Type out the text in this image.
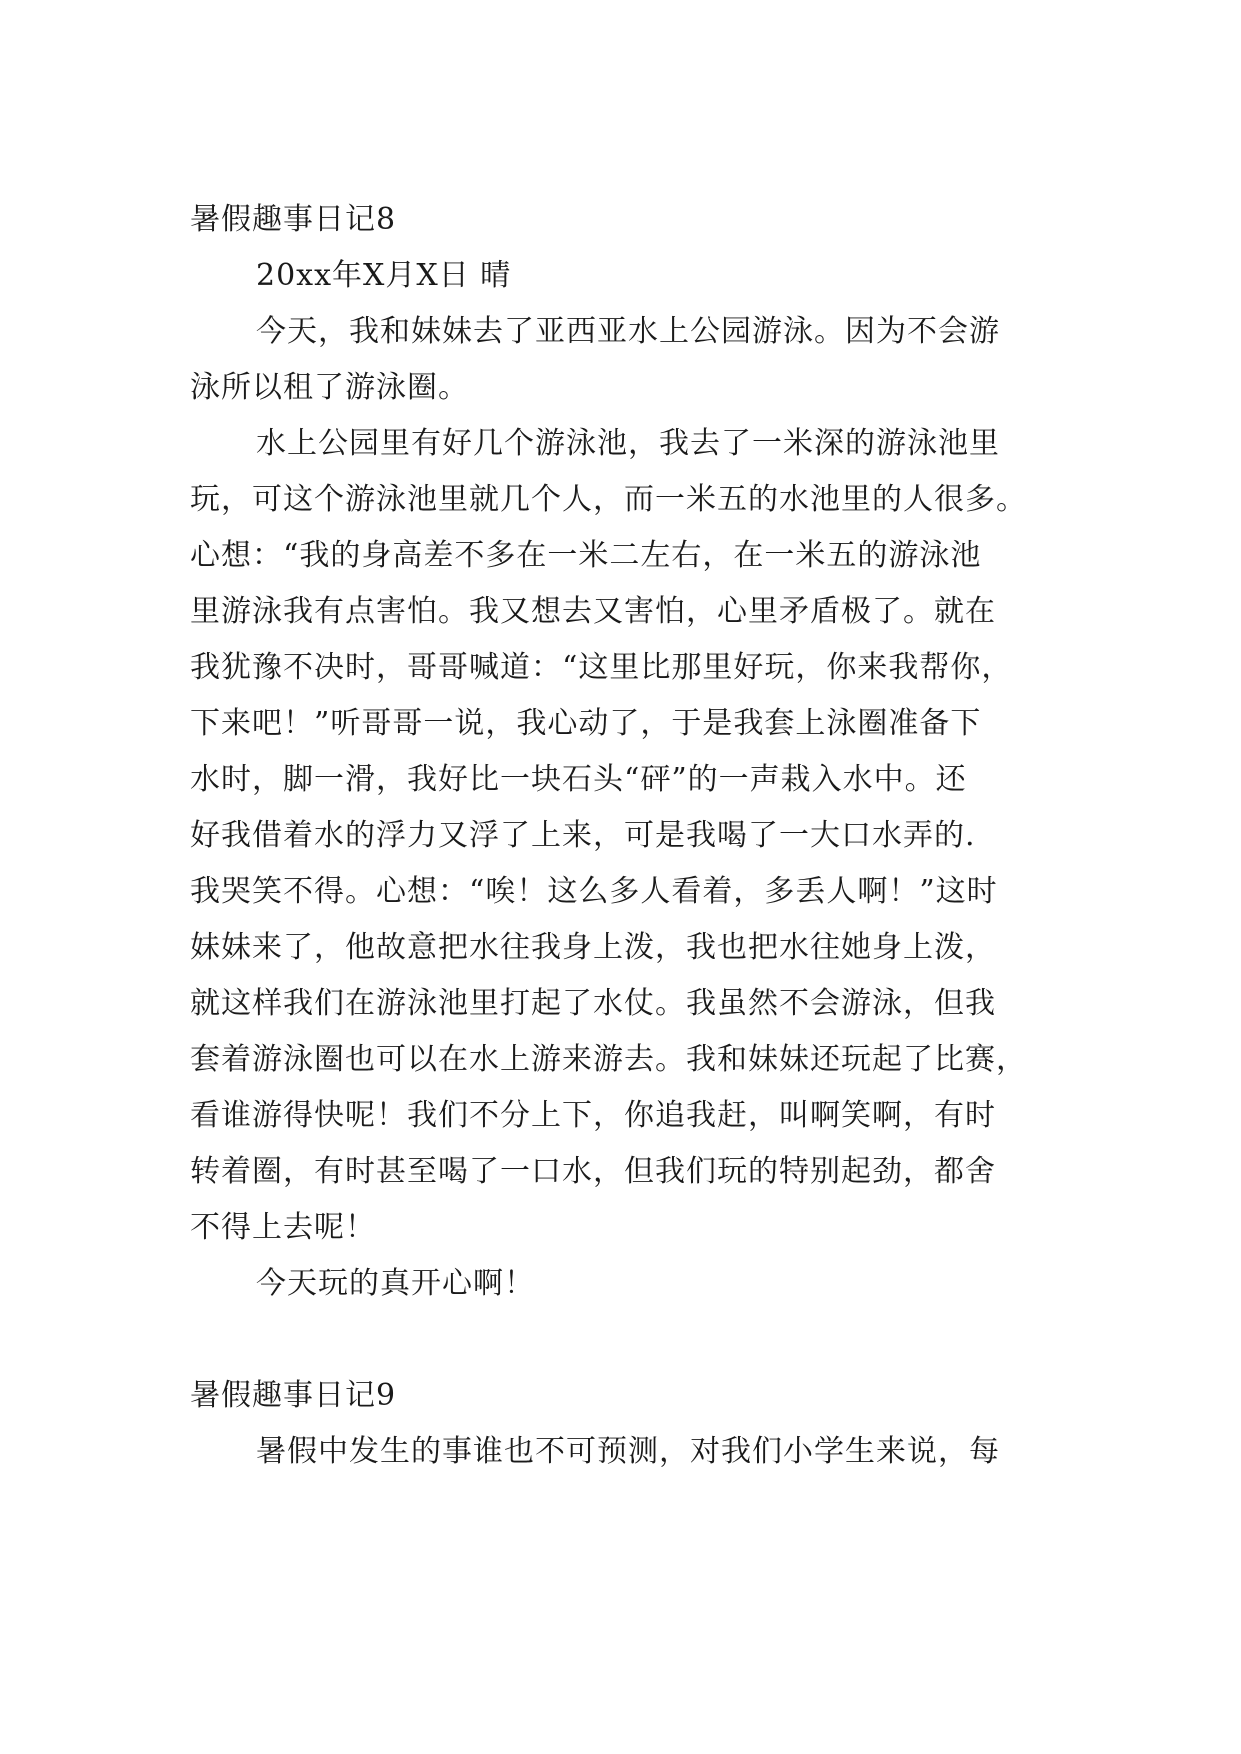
暑假趣事日记8
20xx年X月X日 晴
今天，我和妹妹去了亚西亚水上公园游泳。因为不会游
泳所以租了游泳圈。
水上公园里有好几个游泳池，我去了一米深的游泳池里
玩，可这个游泳池里就几个人，而一米五的水池里的人很多。
心想：“我的身高差不多在一米二左右，在一米五的游泳池
里游泳我有点害怕。我又想去又害怕，心里矛盾极了。就在
我犹豫不决时，哥哥喊道：“这里比那里好玩，你来我帮你，
下来吧！”听哥哥一说，我心动了，于是我套上泳圈准备下
水时，脚一滑，我好比一块石头“砰”的一声栽入水中。还
好我借着水的浮力又浮了上来，可是我喝了一大口水弄的.
我哭笑不得。心想：“唉！这么多人看着，多丢人啊！”这时
妹妹来了，他故意把水往我身上泼，我也把水往她身上泼，
就这样我们在游泳池里打起了水仗。我虽然不会游泳，但我
套着游泳圈也可以在水上游来游去。我和妹妹还玩起了比赛，
看谁游得快呢！我们不分上下，你追我赶，叫啊笑啊，有时
转着圈，有时甚至喝了一口水，但我们玩的特别起劲，都舍
不得上去呢！
今天玩的真开心啊！
暑假趣事日记9
暑假中发生的事谁也不可预测，对我们小学生来说，每
